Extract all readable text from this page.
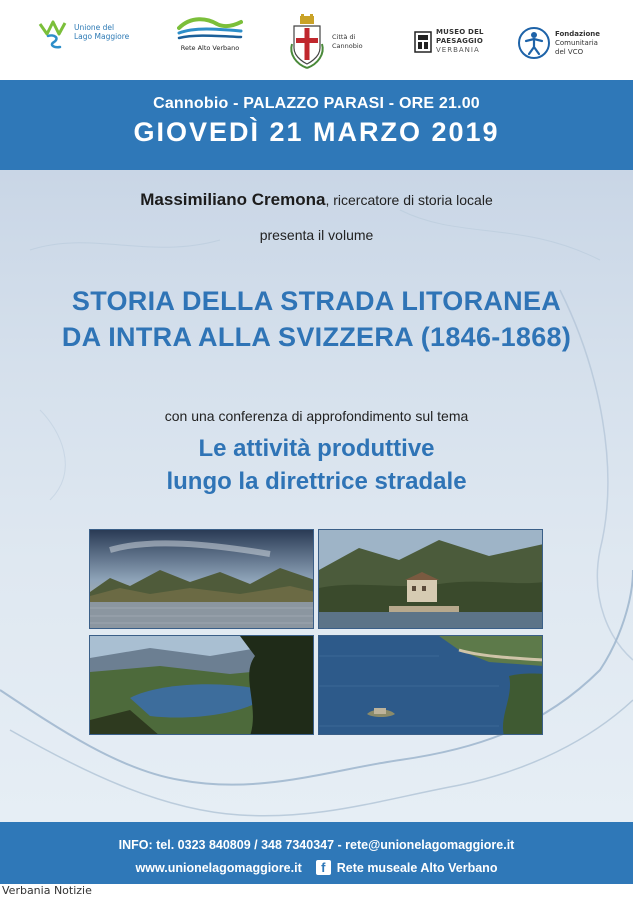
Unione del
Lago Maggiore
Rete Alto Verbano
Città di
Cannobio
MUSEO DEL
PAESAGGIO
VERBANIA
Fondazione
Comunitaria
del VCO
Cannobio - PALAZZO PARASI - ORE 21.00
GIOVEDÌ 21 MARZO 2019
Massimiliano Cremona, ricercatore di storia locale
presenta il volume
STORIA DELLA STRADA LITORANEA
DA INTRA ALLA SVIZZERA (1846-1868)
con una conferenza di approfondimento sul tema
Le attività produttive
lungo la direttrice stradale
INFO: tel. 0323 840809 / 348 7340347 - rete@unionelagomaggiore.it
www.unionelagomaggiore.it	f Rete museale Alto Verbano
Verbania Notizie
